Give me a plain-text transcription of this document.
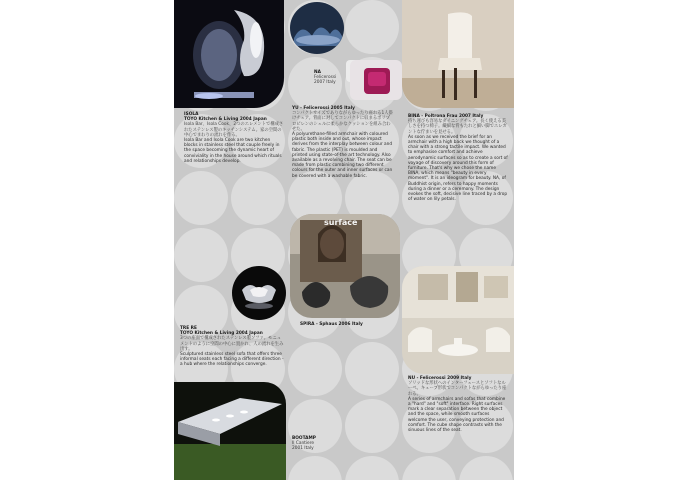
NA
Felicerossi
2007 Italy
ISOLA
TOYO Kitchen & Living 2004 Japan
Isola Bar、Isola Cook、2つのエレメントで構成されたステンレス製のキッチンシステム。家の空間の中心でまわりの流れを作る。
Isola Bar and Isola Cook are two kitchen blocks in stainless steel that couple freely in the space becoming the dynamic heart of conviviality in the house around which rituals and relationships develop.
YU - Felicerossi 2005 Italy
コンパクトサイズでありながらゆったり座れる1人掛けチェア。背面に対してコンパクトに収まるポリプロピレンのシェルに柔らかなクッションを組み合わせた。
A polyurethane-filled armchair with coloured plastic both inside and out, whose impact derives from the interplay between colour and fabric. The plastic (PET) is moulded and printed using state-of-the art technology. Also available as a revolving chair. The seat can be made from plastic combining two different colours for the outer and inner surfaces or can be covered with a washable fabric.
BINA - Poltrona Frau 2007 Italy
持ち運びも容易なダイニングチェア。長く使える美しさを持つ椅子。繊細な背もたれと細い脚でエレガントな佇まいを見せる。
As soon as we received the brief for an armchair with a high back we thought of a chair with a strong tactile impact. We wanted to emphasise comfort and achieve aerodynamic surfaces so as to create a sort of voyage of discovery around this form of furniture. That's why we chose the name BINA, which means "beauty in every moment". It is an ideogram for beauty. NA, of Buddhist origin, refers to happy moments during a dinner or a ceremony. The design evokes the soft, decisive line traced by a drop of water on lily petals.
surface
SPIRA - Sphaus 2006 Italy
TRE RE
TOYO Kitchen & Living 2004 Japan
3つの座面で構成されたステンレス製ソファ。モニュメントのように空間の中心に置かれ、人の流れを生み出す。
Sculptured stainless steel sofa that offers three informal seats each facing a different direction - a hub where the relationships converge.
NU - Felicerossi 2009 Italy
ソリッドな形状へのインターフェースとソフトなルーペ。キューブ形状でコンパクトながらゆったり座れる。
A series of armchairs and sofas that combine a "hard" and "soft" interface. Right surfaces mark a clear separation between the object and the space, while smooth surfaces welcome the user, conveying protection and comfort. The cube shape contrasts with the sinuous lines of the seat.
BOOTAMP
Il Cantiere
2001 Italy
